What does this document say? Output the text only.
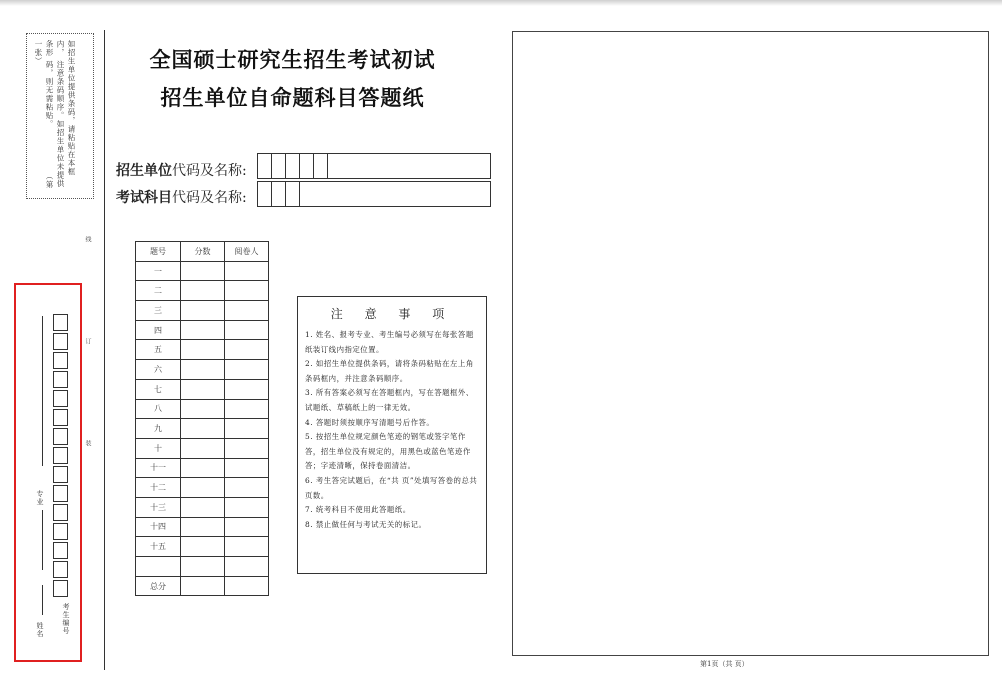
如招生单位提供条码，请粘贴在本框内， 注意条码顺序。如招生单位未提供条形 码，则无需粘贴。 （第一张）
线
订
装
专业
姓名	考生编号
全国硕士研究生招生考试初试
招生单位自命题科目答题纸
招生单位代码及名称:
考试科目代码及名称:
题号	分数	阅卷人
一		
二		
三		
四		
五		
六		
七		
八		
九		
十		
十一		
十二		
十三		
十四		
十五		

总分		
注 意 事 项
1. 姓名、报考专业、考生编号必须写在每张答题纸装订线内指定位置。
2. 如招生单位提供条码，请将条码粘贴在左上角条码框内，并注意条码顺序。
3. 所有答案必须写在答题框内，写在答题框外、试题纸、草稿纸上的一律无效。
4. 答题时须按顺序写清题号后作答。
5. 按招生单位规定颜色笔迹的钢笔或签字笔作答，招生单位没有规定的，用黑色或蓝色笔迹作答；字迹清晰，保持卷面清洁。
6. 考生答完试题后，在“共 页”处填写答卷的总共页数。
7. 统考科目不使用此答题纸。
8. 禁止做任何与考试无关的标记。
第1页（共 页）
